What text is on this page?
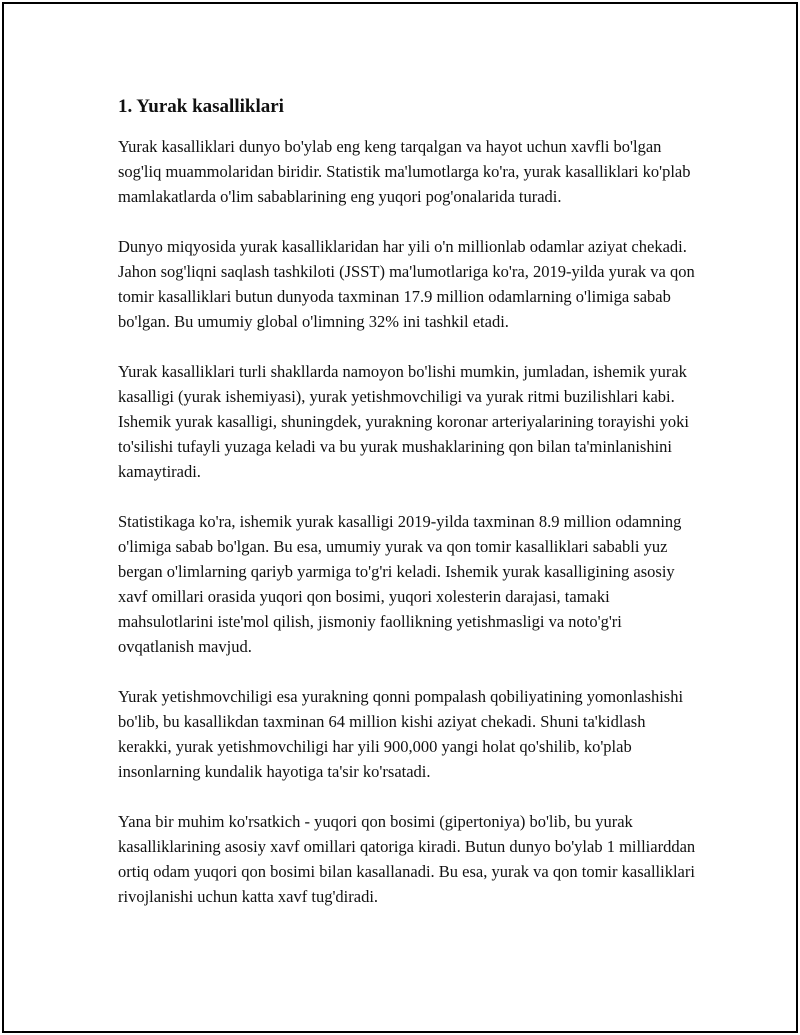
1. Yurak kasalliklari

Yurak kasalliklari dunyo bo'ylab eng keng tarqalgan va hayot uchun xavfli bo'lgan sog'liq muammolaridan biridir. Statistik ma'lumotlarga ko'ra, yurak kasalliklari ko'plab mamlakatlarda o'lim sabablarining eng yuqori pog'onalarida turadi.

Dunyo miqyosida yurak kasalliklaridan har yili o'n millionlab odamlar aziyat chekadi. Jahon sog'liqni saqlash tashkiloti (JSST) ma'lumotlariga ko'ra, 2019-yilda yurak va qon tomir kasalliklari butun dunyoda taxminan 17.9 million odamlarning o'limiga sabab bo'lgan. Bu umumiy global o'limning 32% ini tashkil etadi.

Yurak kasalliklari turli shakllarda namoyon bo'lishi mumkin, jumladan, ishemik yurak kasalligi (yurak ishemiyasi), yurak yetishmovchiligi va yurak ritmi buzilishlari kabi. Ishemik yurak kasalligi, shuningdek, yurakning koronar arteriyalarining torayishi yoki to'silishi tufayli yuzaga keladi va bu yurak mushaklarining qon bilan ta'minlanishini kamaytiradi.

Statistikaga ko'ra, ishemik yurak kasalligi 2019-yilda taxminan 8.9 million odamning o'limiga sabab bo'lgan. Bu esa, umumiy yurak va qon tomir kasalliklari sababli yuz bergan o'limlarning qariyb yarmiga to'g'ri keladi. Ishemik yurak kasalligining asosiy xavf omillari orasida yuqori qon bosimi, yuqori xolesterin darajasi, tamaki mahsulotlarini iste'mol qilish, jismoniy faollikning yetishmasligi va noto'g'ri ovqatlanish mavjud.

Yurak yetishmovchiligi esa yurakning qonni pompalash qobiliyatining yomonlashishi bo'lib, bu kasallikdan taxminan 64 million kishi aziyat chekadi. Shuni ta'kidlash kerakki, yurak yetishmovchiligi har yili 900,000 yangi holat qo'shilib, ko'plab insonlarning kundalik hayotiga ta'sir ko'rsatadi.

Yana bir muhim ko'rsatkich - yuqori qon bosimi (gipertoniya) bo'lib, bu yurak kasalliklarining asosiy xavf omillari qatoriga kiradi. Butun dunyo bo'ylab 1 milliarddan ortiq odam yuqori qon bosimi bilan kasallanadi. Bu esa, yurak va qon tomir kasalliklari rivojlanishi uchun katta xavf tug'diradi.
